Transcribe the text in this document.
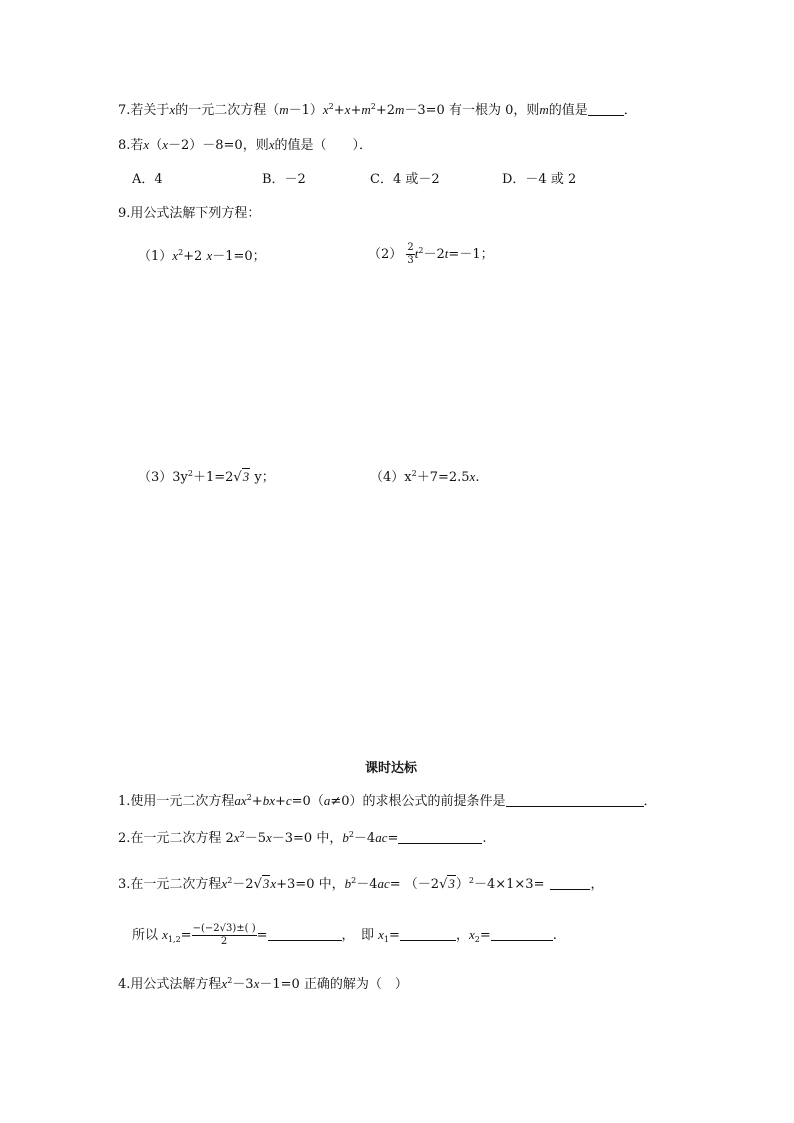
7.若关于x的一元二次方程$(m-1)x^2+x+m^2+2m-3=0$ 有一根为 0，则m的值是	．
8.若x（x－2）－8=0，则x的值是（　　）．
A．4	B．－2	C．4 或－2	D．－4 或 2
9.用公式法解下列方程：
$(1)x^2+2$ x－1=0；	$(2) \frac{2}{3} t^2-2t=-1$；
$(3)3y^2+1=2√3$ y；	$(4)x^2+7=2.5x$.
课时达标
1.使用一元二次方程$ax^2+bx+c=0(a\ne 0)$的求根公式的前提条件是	．
2.在一元二次方程 $2x^2-5x-3=0$ 中，$b^2-4ac=$	.
3.在一元二次方程$x^2-2√3x+3=0$ 中，$b^2-4ac= (-2√3)^2-4\times 1\times 3=$	，
所以 $x_{1,2}= \frac{-(-2√3)\pm( )}{2}$ =	，　即 $x_1=$	，$x_2=$	.
4.用公式法解方程$x^2-3x-1=0$ 正确的解为（　）
